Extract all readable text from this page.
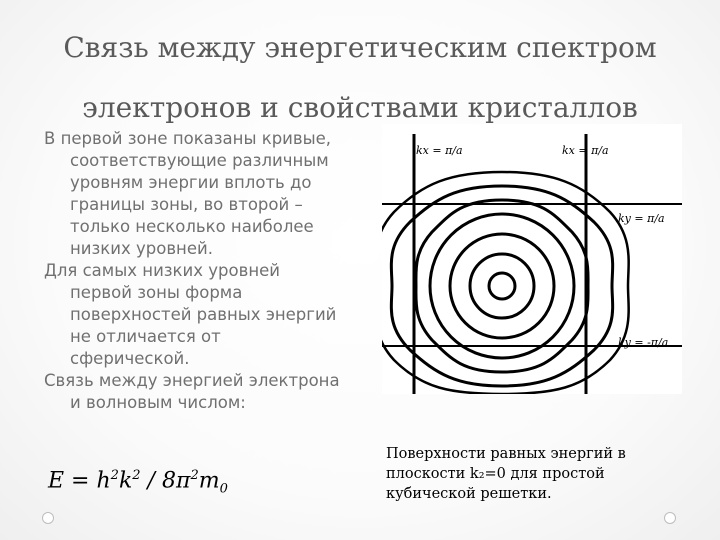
Связь между энергетическим спектром
электронов и свойствами кристаллов

В первой зоне показаны кривые, соответствующие различным уровням энергии вплоть до границы зоны, во второй – только несколько наиболее низких уровней.

Для самых низких уровней первой зоны форма поверхностей равных энергий не отличается от сферической.

Связь между энергией электрона и волновым числом:

$E = h^2k^2 / 8\pi^2m_0$
kx = π/a	kx = π/a
ky = π/a
ky = -π/a
Поверхности равных энергий в плоскости k₂=0 для простой кубической решетки.
